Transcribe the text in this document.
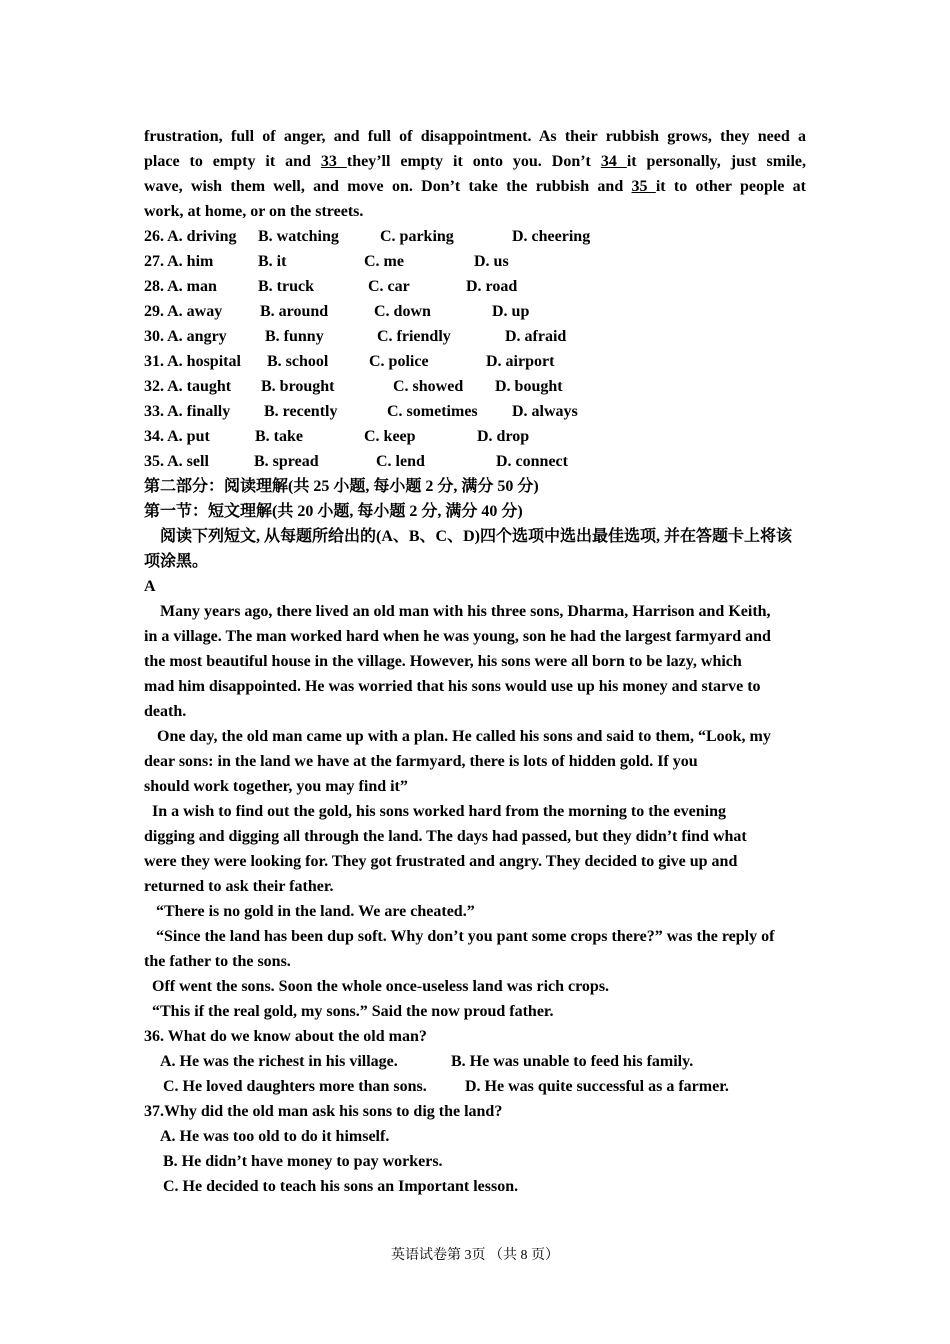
frustration, full of anger, and full of disappointment. As their rubbish grows, they need a
place to empty it and 33 they’ll empty it onto you. Don’t 34 it personally, just smile,
wave, wish them well, and move on. Don’t take the rubbish and 35 it to other people at
work, at home, or on the streets.
26. A. driving B. watching	C. parking	D. cheering
27. A. him	B. it	C. me	D. us
28. A. man	B. truck	C. car	D. road
29. A. away B. around	C. down	D. up
30. A. angry B. funny	C. friendly	D. afraid
31. A. hospital B. school	C. police	D. airport
32. A. taught B. brought	C. showed D. bought
33. A. finally B. recently	C. sometimes D. always
34. A. put	B. take	C. keep	D. drop
35. A. sell	B. spread	C. lend	D. connect
第二部分：阅读理解(共 25 小题, 每小题 2 分, 满分 50 分)
第一节：短文理解(共 20 小题, 每小题 2 分, 满分 40 分)
阅读下列短文, 从每题所给出的(A、B、C、D)四个选项中选出最佳选项, 并在答题卡上将该
项涂黑。
A
Many years ago, there lived an old man with his three sons, Dharma, Harrison and Keith,
in a village. The man worked hard when he was young, son he had the largest farmyard and
the most beautiful house in the village. However, his sons were all born to be lazy, which
mad him disappointed. He was worried that his sons would use up his money and starve to
death.
One day, the old man came up with a plan. He called his sons and said to them, “Look, my
dear sons: in the land we have at the farmyard, there is lots of hidden gold. If you
should work together, you may find it”
In a wish to find out the gold, his sons worked hard from the morning to the evening
digging and digging all through the land. The days had passed, but they didn’t find what
were they were looking for. They got frustrated and angry. They decided to give up and
returned to ask their father.
“There is no gold in the land. We are cheated.”
“Since the land has been dup soft. Why don’t you pant some crops there?” was the reply of
the father to the sons.
Off went the sons. Soon the whole once-useless land was rich crops.
“This if the real gold, my sons.” Said the now proud father.
36. What do we know about the old man?
A. He was the richest in his village.	B. He was unable to feed his family.
C. He loved daughters more than sons. D. He was quite successful as a farmer.
37.Why did the old man ask his sons to dig the land?
A. He was too old to do it himself.
B. He didn’t have money to pay workers.
C. He decided to teach his sons an Important lesson.
英语试卷第 3页 （共 8 页）
